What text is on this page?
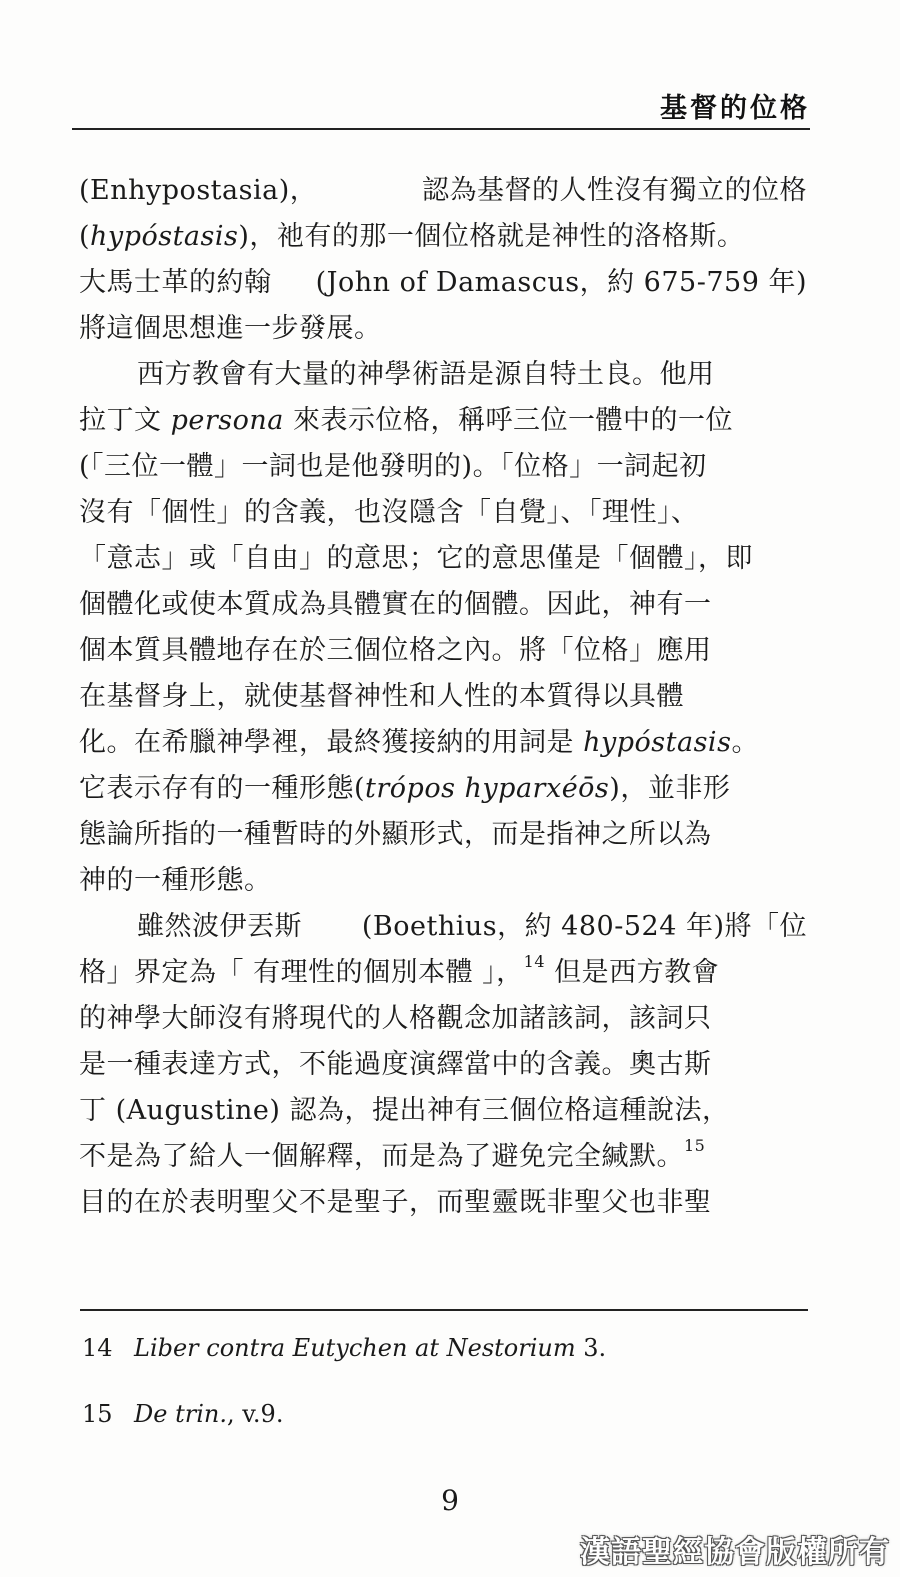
基督的位格
(Enhypostasia)，	認為基督的人性沒有獨立的位格
(hypóstasis)，祂有的那一個位格就是神性的洛格斯。
大馬士革的約翰 (John of Damascus，約 675-759 年)
將這個思想進一步發展。
西方教會有大量的神學術語是源自特土良。他用
拉丁文 persona 來表示位格，稱呼三位一體中的一位
(「三位一體」一詞也是他發明的)。「位格」一詞起初
沒有「個性」的含義，也沒隱含「自覺」、「理性」、
「意志」或「自由」的意思；它的意思僅是「個體」，即
個體化或使本質成為具體實在的個體。因此，神有一
個本質具體地存在於三個位格之內。將「位格」應用
在基督身上，就使基督神性和人性的本質得以具體
化。在希臘神學裡，最終獲接納的用詞是 hypóstasis。
它表示存有的一種形態(trópos hyparxéōs)，並非形
態論所指的一種暫時的外顯形式，而是指神之所以為
神的一種形態。
雖然波伊丟斯 (Boethius，約 480-524 年)將「位
格」界定為「 有理性的個別本體 」，$^{14}$ 但是西方教會
的神學大師沒有將現代的人格觀念加諸該詞，該詞只
是一種表達方式，不能過度演繹當中的含義。奧古斯
丁 (Augustine) 認為，提出神有三個位格這種說法，
不是為了給人一個解釋，而是為了避免完全緘默。$^{15}$
目的在於表明聖父不是聖子，而聖靈既非聖父也非聖
14 Liber contra Eutychen at Nestorium 3.
15 De trin., v.9.
9
漢語聖經協會版權所有
